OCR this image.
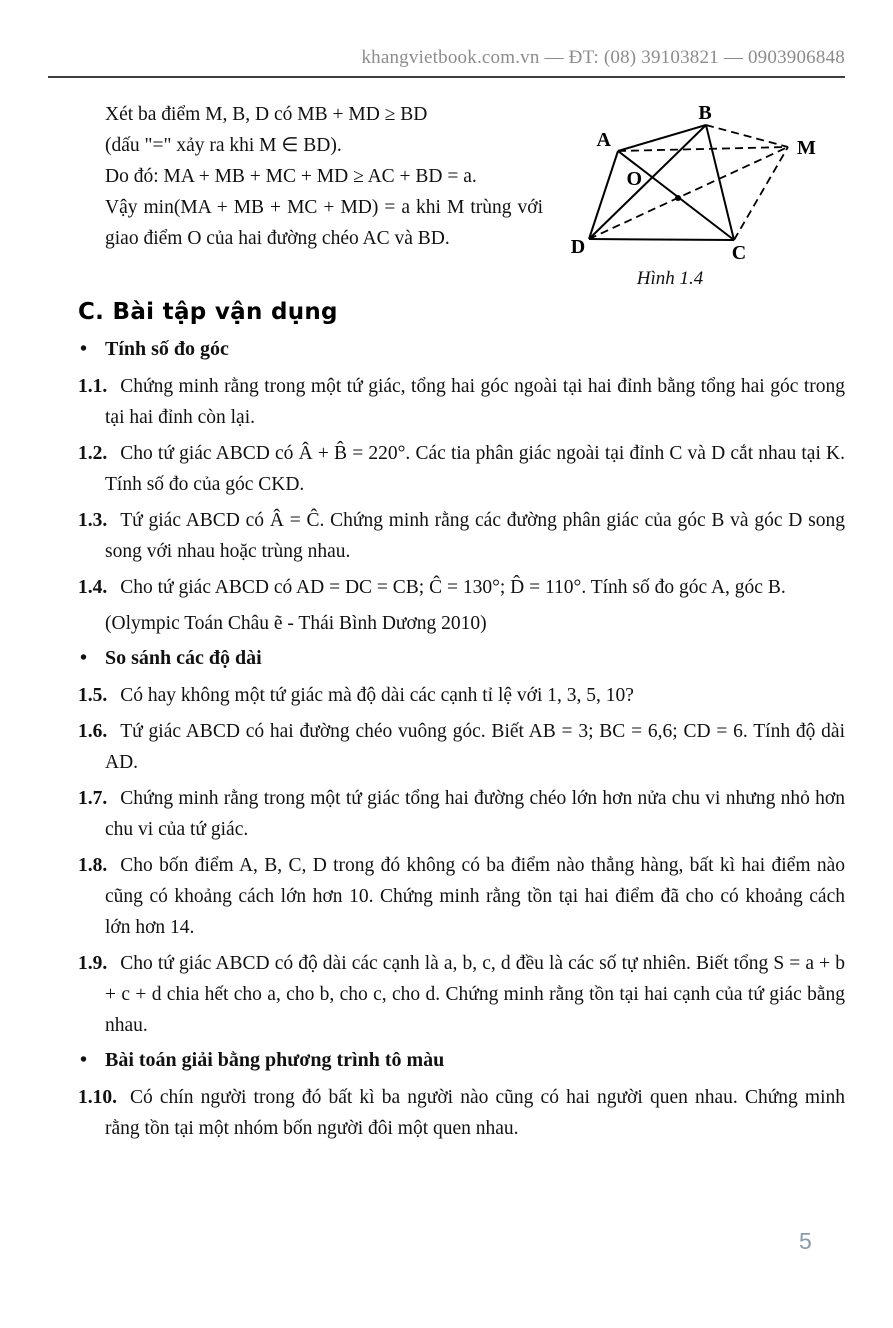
khangvietbook.com.vn — ĐT: (08) 39103821 — 0903906848

Xét ba điểm M, B, D có MB + MD ≥ BD

(dấu "=" xảy ra khi M ∈ BD).

Do đó: MA + MB + MC + MD ≥ AC + BD = a.

Vậy min(MA + MB + MC + MD) = a khi M trùng với giao điểm O của hai đường chéo AC và BD.

A
B
C
D
M
O
Hình 1.4
C. Bài tập vận dụng
• Tính số đo góc

1.1. Chứng minh rằng trong một tứ giác, tổng hai góc ngoài tại hai đỉnh bằng tổng hai góc trong tại hai đỉnh còn lại.

1.2. Cho tứ giác ABCD có Â + B̂ = 220°. Các tia phân giác ngoài tại đỉnh C và D cắt nhau tại K. Tính số đo của góc CKD.

1.3. Tứ giác ABCD có Â = Ĉ. Chứng minh rằng các đường phân giác của góc B và góc D song song với nhau hoặc trùng nhau.

1.4. Cho tứ giác ABCD có AD = DC = CB; Ĉ = 130°; D̂ = 110°. Tính số đo góc A, góc B.

(Olympic Toán Châu ẽ - Thái Bình Dương 2010)

• So sánh các độ dài

1.5. Có hay không một tứ giác mà độ dài các cạnh tỉ lệ với 1, 3, 5, 10?

1.6. Tứ giác ABCD có hai đường chéo vuông góc. Biết AB = 3; BC = 6,6; CD = 6. Tính độ dài AD.

1.7. Chứng minh rằng trong một tứ giác tổng hai đường chéo lớn hơn nửa chu vi nhưng nhỏ hơn chu vi của tứ giác.

1.8. Cho bốn điểm A, B, C, D trong đó không có ba điểm nào thẳng hàng, bất kì hai điểm nào cũng có khoảng cách lớn hơn 10. Chứng minh rằng tồn tại hai điểm đã cho có khoảng cách lớn hơn 14.

1.9. Cho tứ giác ABCD có độ dài các cạnh là a, b, c, d đều là các số tự nhiên. Biết tổng S = a + b + c + d chia hết cho a, cho b, cho c, cho d. Chứng minh rằng tồn tại hai cạnh của tứ giác bằng nhau.

• Bài toán giải bằng phương trình tô màu

1.10. Có chín người trong đó bất kì ba người nào cũng có hai người quen nhau. Chứng minh rằng tồn tại một nhóm bốn người đôi một quen nhau.

5
